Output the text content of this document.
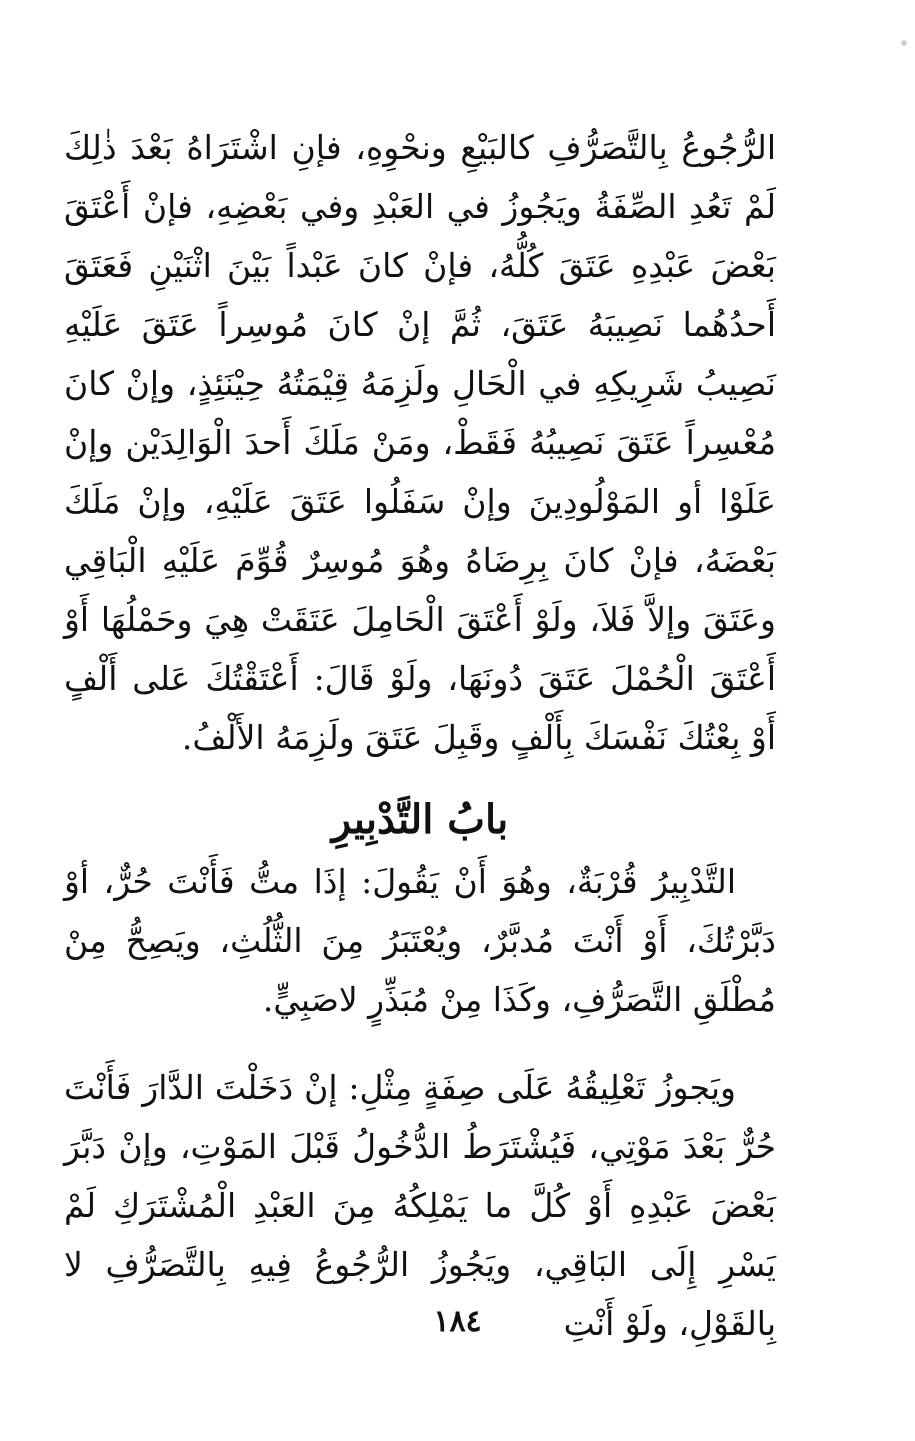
الرُّجُوعُ بِالتَّصَرُّفِ كالبَيْعِ ونحْوِهِ، فإنِ اشْتَرَاهُ بَعْدَ ذٰلِكَ لَمْ تَعُدِ الصِّفَةُ ويَجُوزُ في العَبْدِ وفي بَعْضِهِ، فإنْ أَعْتَقَ بَعْضَ عَبْدِهِ عَتَقَ كُلُّهُ، فإنْ كانَ عَبْداً بَيْنَ اثْنَيْنِ فَعَتَقَ أَحدُهُما نَصِيبَهُ عَتَقَ، ثُمَّ إنْ كانَ مُوسِراً عَتَقَ عَلَيْهِ نَصِيبُ شَرِيكِهِ في الْحَالِ ولَزِمَهُ قِيْمَتُهُ حِيْنَئِذٍ، وإنْ كانَ مُعْسِراً عَتَقَ نَصِيبُهُ فَقَطْ، ومَنْ مَلَكَ أَحدَ الْوَالِدَيْن وإنْ عَلَوْا أو المَوْلُودِينَ وإنْ سَفَلُوا عَتَقَ عَلَيْهِ، وإنْ مَلَكَ بَعْضَهُ، فإنْ كانَ بِرِضَاهُ وهُوَ مُوسِرٌ قُوِّمَ عَلَيْهِ الْبَاقِي وعَتَقَ وإلاَّ فَلاَ، ولَوْ أَعْتَقَ الْحَامِلَ عَتَقَتْ هِيَ وحَمْلُهَا أَوْ أَعْتَقَ الْحُمْلَ عَتَقَ دُونَهَا، ولَوْ قَالَ: أَعْتَقْتُكَ عَلى أَلْفٍ أَوْ بِعْتُكَ نَفْسَكَ بِأَلْفٍ وقَبِلَ عَتَقَ ولَزِمَهُ الأَلْفُ.
بابُ التَّدْبِيرِ
التَّدْبِيرُ قُرْبَةٌ، وهُوَ أَنْ يَقُولَ: إذَا متُّ فَأَنْتَ حُرٌّ، أوْ دَبَّرْتُكَ، أَوْ أَنْتَ مُدبَّرٌ، ويُعْتَبَرُ مِنَ الثُّلُثِ، ويَصِحُّ مِنْ مُطْلَقِ التَّصَرُّفِ، وكَذَا مِنْ مُبَذِّرٍ لاصَبِيٍّ.
ويَجوزُ تَعْلِيقُهُ عَلَى صِفَةٍ مِثْلِ: إنْ دَخَلْتَ الدَّارَ فَأَنْتَ حُرٌّ بَعْدَ مَوْتِي، فَيُشْتَرَطُ الدُّخُولُ قَبْلَ المَوْتِ، وإنْ دَبَّرَ بَعْضَ عَبْدِهِ أَوْ كُلَّ ما يَمْلِكُهُ مِنَ العَبْدِ الْمُشْتَرَكِ لَمْ يَسْرِ إِلَى البَاقِي، ويَجُوزُ الرُّجُوعُ فِيهِ بِالتَّصَرُّفِ لا بِالقَوْلِ، ولَوْ أَنْتِ
١٨٤
